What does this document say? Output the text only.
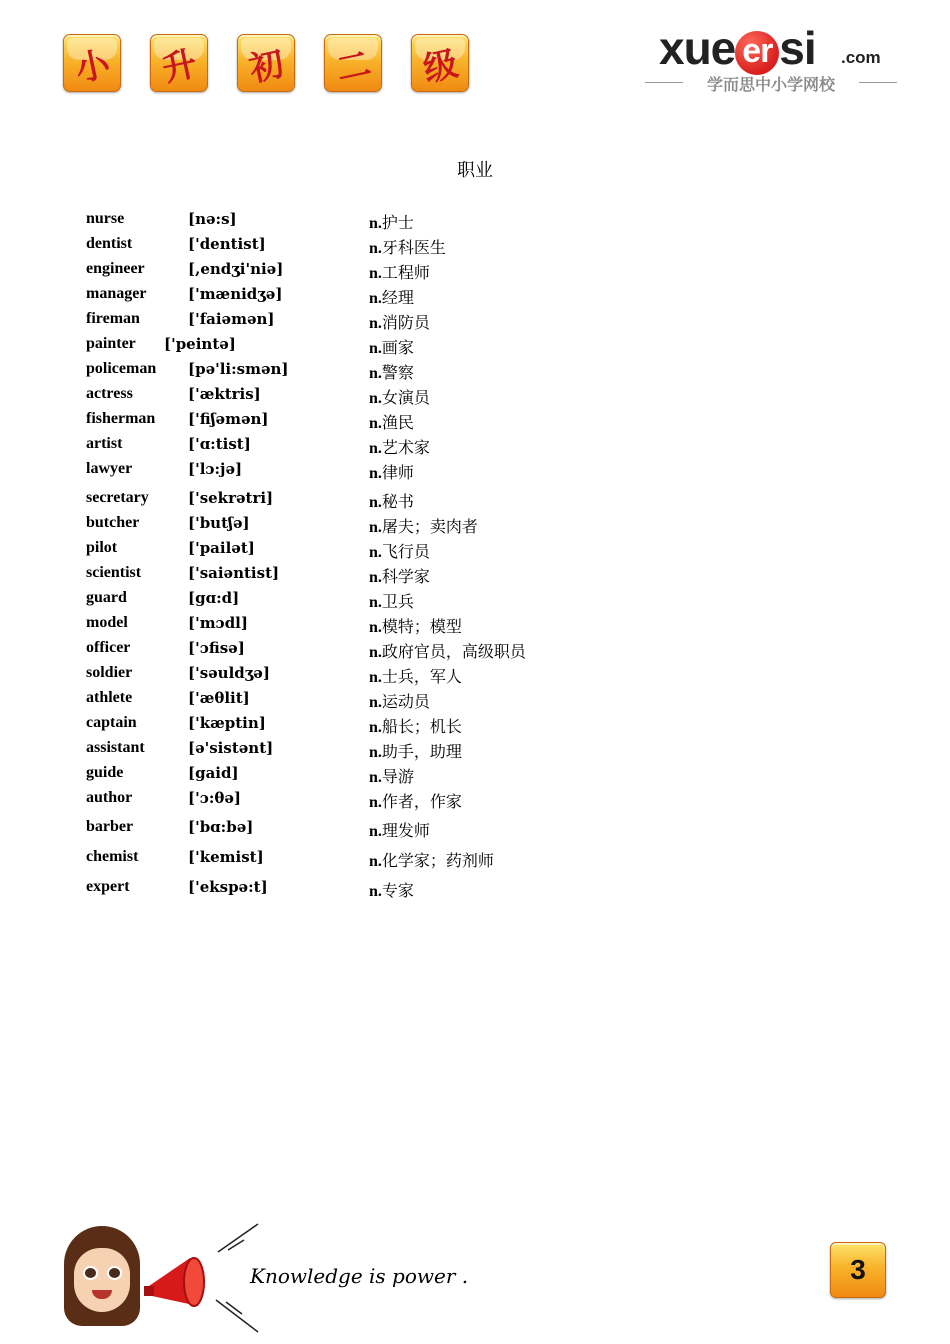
小 升 初 二 级	xue er si .com
学而思中小学网校
职业
nurse	[nə:s]	n.护士
dentist	['dentist]	n.牙科医生
engineer	[,endʒi'niə]	n.工程师
manager	['mænidʒə]	n.经理
fireman	['faiəmən]	n.消防员
painter ['peintə]	n.画家
policeman [pə'li:smən]	n.警察
actress	['æktris]	n.女演员
fisherman ['fiʃəmən]	n.渔民
artist	['ɑ:tist]	n.艺术家
lawyer	['lɔ:jə]	n.律师
secretary	['sekrətri]	n.秘书
butcher	['butʃə]	n.屠夫；卖肉者
pilot	['pailət]	n.飞行员
scientist	['saiəntist]	n.科学家
guard	[gɑ:d]	n.卫兵
model	['mɔdl]	n.模特；模型
officer	['ɔfisə]	n.政府官员，高级职员
soldier	['səuldʒə]	n.士兵，军人
athlete	['æθlit]	n.运动员
captain	['kæptin]	n.船长；机长
assistant	[ə'sistənt]	n.助手，助理
guide	[gaid]	n.导游
author	['ɔ:θə]	n.作者，作家
barber	['bɑ:bə]	n.理发师
chemist	['kemist]	n.化学家；药剂师
expert	['ekspə:t]	n.专家
Knowledge is power .	3
